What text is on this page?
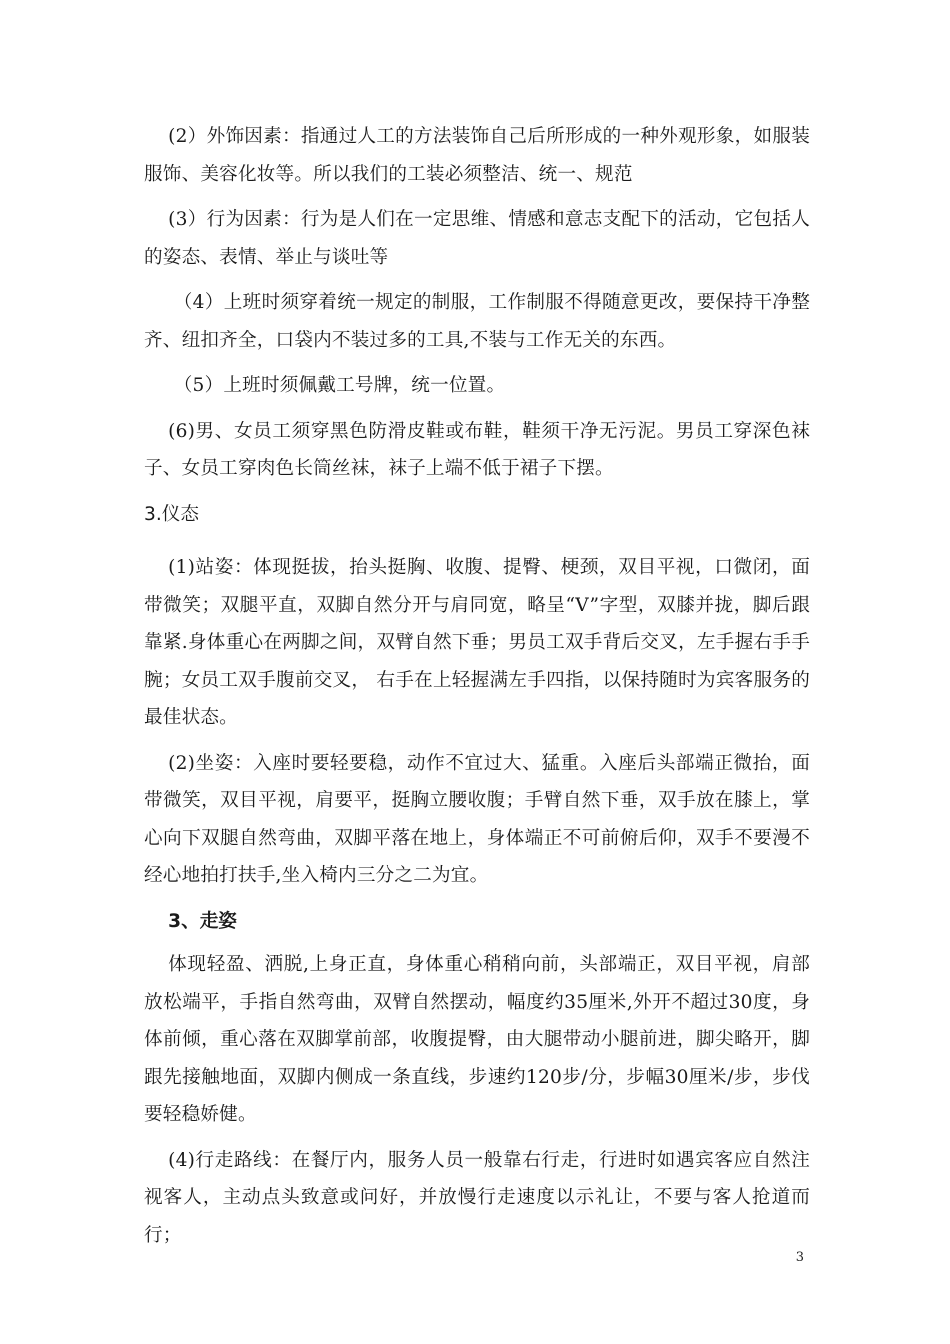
(2）外饰因素：指通过人工的方法装饰自己后所形成的一种外观形象，如服装服饰、美容化妆等。所以我们的工装必须整洁、统一、规范

(3）行为因素：行为是人们在一定思维、情感和意志支配下的活动，它包括人的姿态、表情、举止与谈吐等

（4）上班时须穿着统一规定的制服，工作制服不得随意更改，要保持干净整齐、纽扣齐全，口袋内不装过多的工具,不装与工作无关的东西。

（5）上班时须佩戴工号牌，统一位置。

(6)男、女员工须穿黑色防滑皮鞋或布鞋，鞋须干净无污泥。男员工穿深色袜子、女员工穿肉色长筒丝袜，袜子上端不低于裙子下摆。

3.仪态

(1)站姿：体现挺拔，抬头挺胸、收腹、提臀、梗颈，双目平视，口微闭，面带微笑；双腿平直，双脚自然分开与肩同宽，略呈“V”字型，双膝并拢，脚后跟靠紧.身体重心在两脚之间，双臂自然下垂；男员工双手背后交叉，左手握右手手腕；女员工双手腹前交叉， 右手在上轻握满左手四指，以保持随时为宾客服务的最佳状态。

(2)坐姿：入座时要轻要稳，动作不宜过大、猛重。入座后头部端正微抬，面带微笑，双目平视，肩要平，挺胸立腰收腹；手臂自然下垂，双手放在膝上，掌心向下双腿自然弯曲，双脚平落在地上，身体端正不可前俯后仰，双手不要漫不经心地拍打扶手,坐入椅内三分之二为宜。

3、走姿

体现轻盈、洒脱,上身正直，身体重心稍稍向前，头部端正，双目平视，肩部放松端平，手指自然弯曲，双臂自然摆动，幅度约35厘米,外开不超过30度，身体前倾，重心落在双脚掌前部，收腹提臀，由大腿带动小腿前进，脚尖略开，脚跟先接触地面，双脚内侧成一条直线，步速约120步/分，步幅30厘米/步，步伐要轻稳娇健。

(4)行走路线：在餐厅内，服务人员一般靠右行走，行进时如遇宾客应自然注视客人，主动点头致意或问好，并放慢行走速度以示礼让，不要与客人抢道而行；

3
